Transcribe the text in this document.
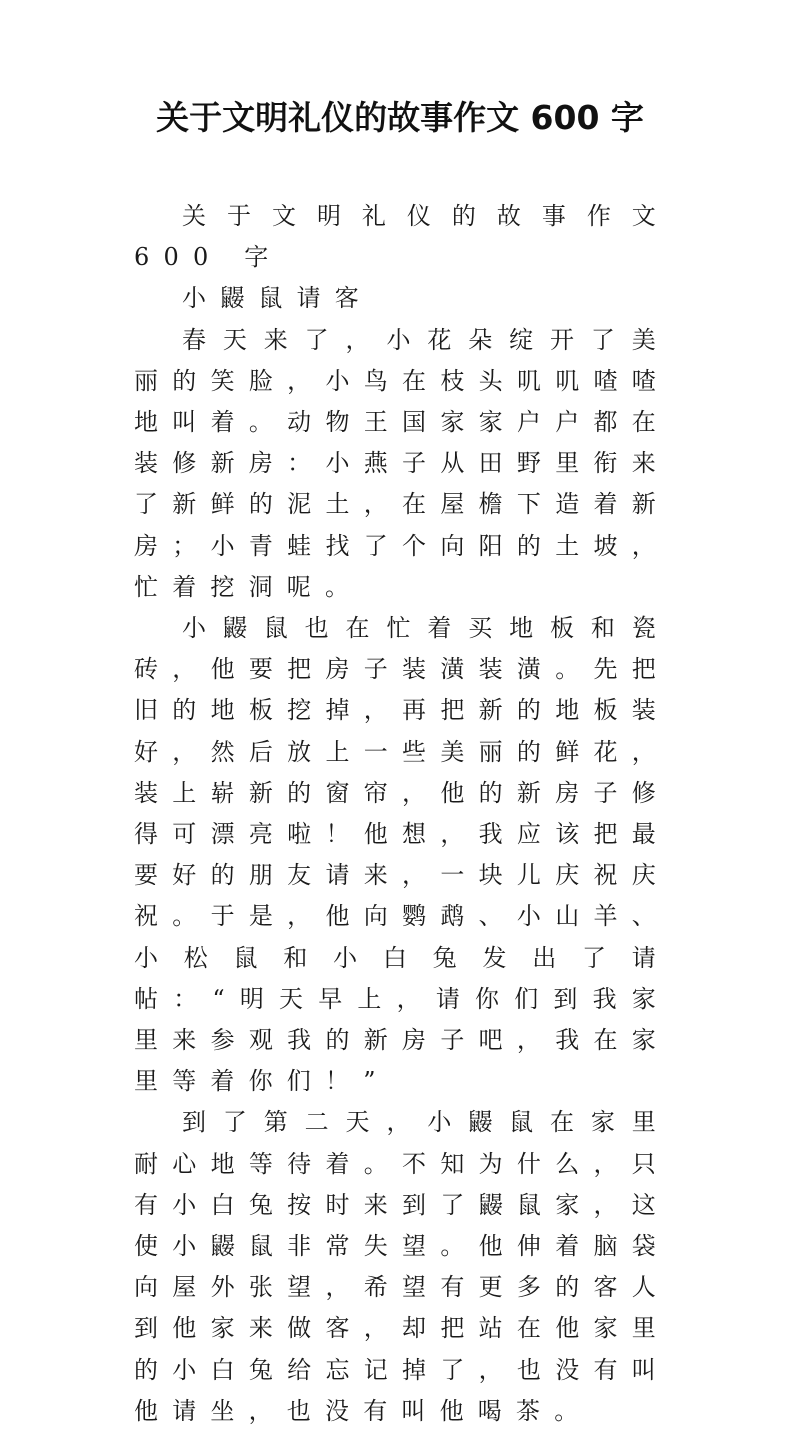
关于文明礼仪的故事作文 600 字

关于文明礼仪的故事作文 600 字

小鼹鼠请客

春天来了，小花朵绽开了美丽的笑脸，小鸟在枝头叽叽喳喳地叫着。动物王国家家户户都在装修新房：小燕子从田野里衔来了新鲜的泥土，在屋檐下造着新房；小青蛙找了个向阳的土坡，忙着挖洞呢。

小鼹鼠也在忙着买地板和瓷砖，他要把房子装潢装潢。先把旧的地板挖掉，再把新的地板装好，然后放上一些美丽的鲜花，装上崭新的窗帘，他的新房子修得可漂亮啦！他想，我应该把最要好的朋友请来，一块儿庆祝庆祝。于是，他向鹦鹉、小山羊、小松鼠和小白兔发出了请帖：“明天早上，请你们到我家里来参观我的新房子吧，我在家里等着你们！”

到了第二天，小鼹鼠在家里耐心地等待着。不知为什么，只有小白兔按时来到了鼹鼠家，这使小鼹鼠非常失望。他伸着脑袋向屋外张望，希望有更多的客人到他家来做客，却把站在他家里的小白兔给忘记掉了，也没有叫他请坐，也没有叫他喝茶。
